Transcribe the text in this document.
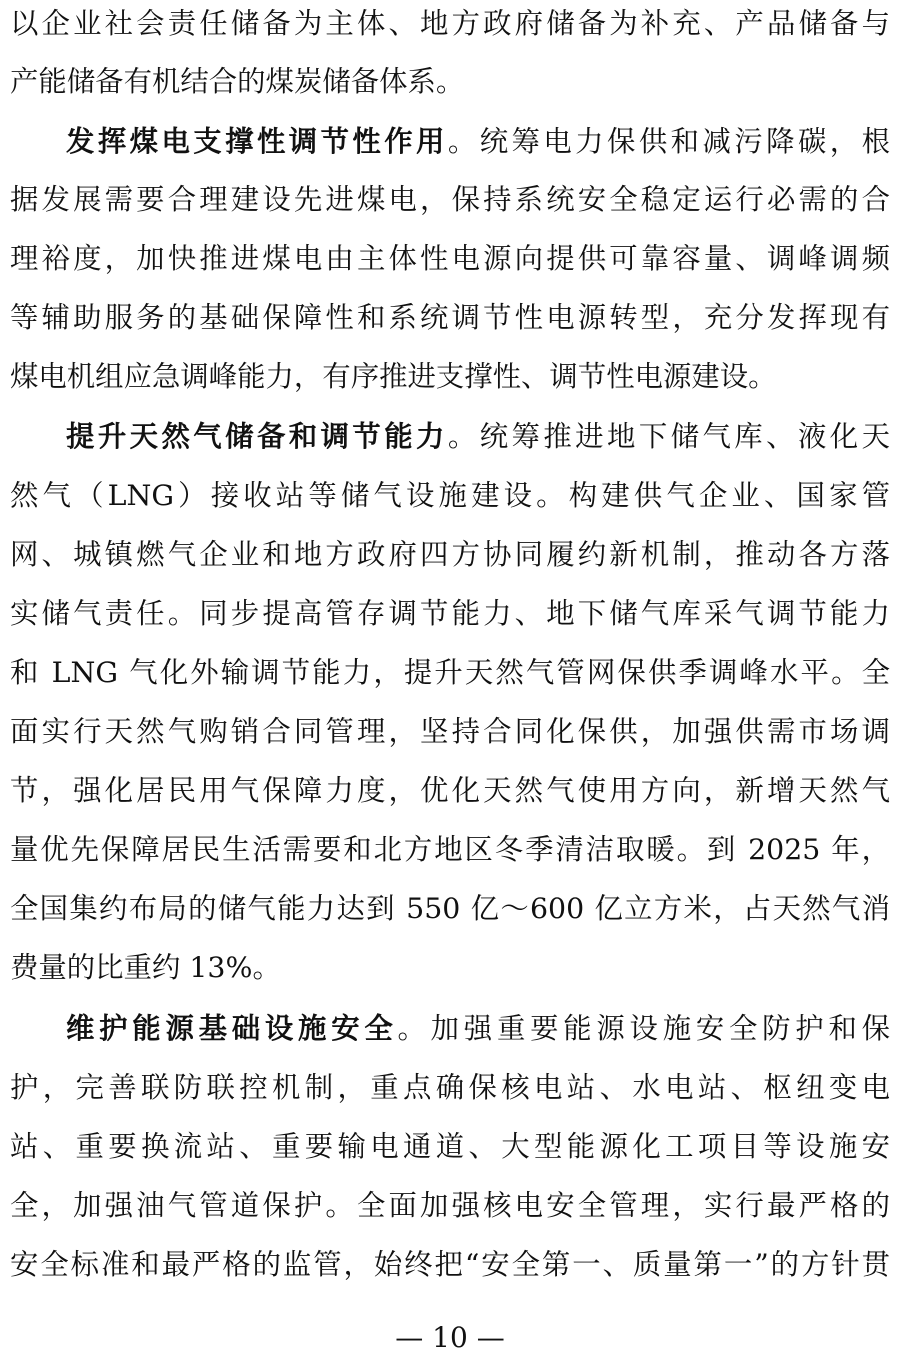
以企业社会责任储备为主体、地方政府储备为补充、产品储备与
产能储备有机结合的煤炭储备体系。
发挥煤电支撑性调节性作用。统筹电力保供和减污降碳，根
据发展需要合理建设先进煤电，保持系统安全稳定运行必需的合
理裕度，加快推进煤电由主体性电源向提供可靠容量、调峰调频
等辅助服务的基础保障性和系统调节性电源转型，充分发挥现有
煤电机组应急调峰能力，有序推进支撑性、调节性电源建设。
提升天然气储备和调节能力。统筹推进地下储气库、液化天
然气（LNG）接收站等储气设施建设。构建供气企业、国家管
网、城镇燃气企业和地方政府四方协同履约新机制，推动各方落
实储气责任。同步提高管存调节能力、地下储气库采气调节能力
和 LNG 气化外输调节能力，提升天然气管网保供季调峰水平。全
面实行天然气购销合同管理，坚持合同化保供，加强供需市场调
节，强化居民用气保障力度，优化天然气使用方向，新增天然气
量优先保障居民生活需要和北方地区冬季清洁取暖。到 2025 年，
全国集约布局的储气能力达到 550 亿～600 亿立方米，占天然气消
费量的比重约 13%。
维护能源基础设施安全。加强重要能源设施安全防护和保
护，完善联防联控机制，重点确保核电站、水电站、枢纽变电
站、重要换流站、重要输电通道、大型能源化工项目等设施安
全，加强油气管道保护。全面加强核电安全管理，实行最严格的
安全标准和最严格的监管，始终把“安全第一、质量第一”的方针贯
— 10 —
